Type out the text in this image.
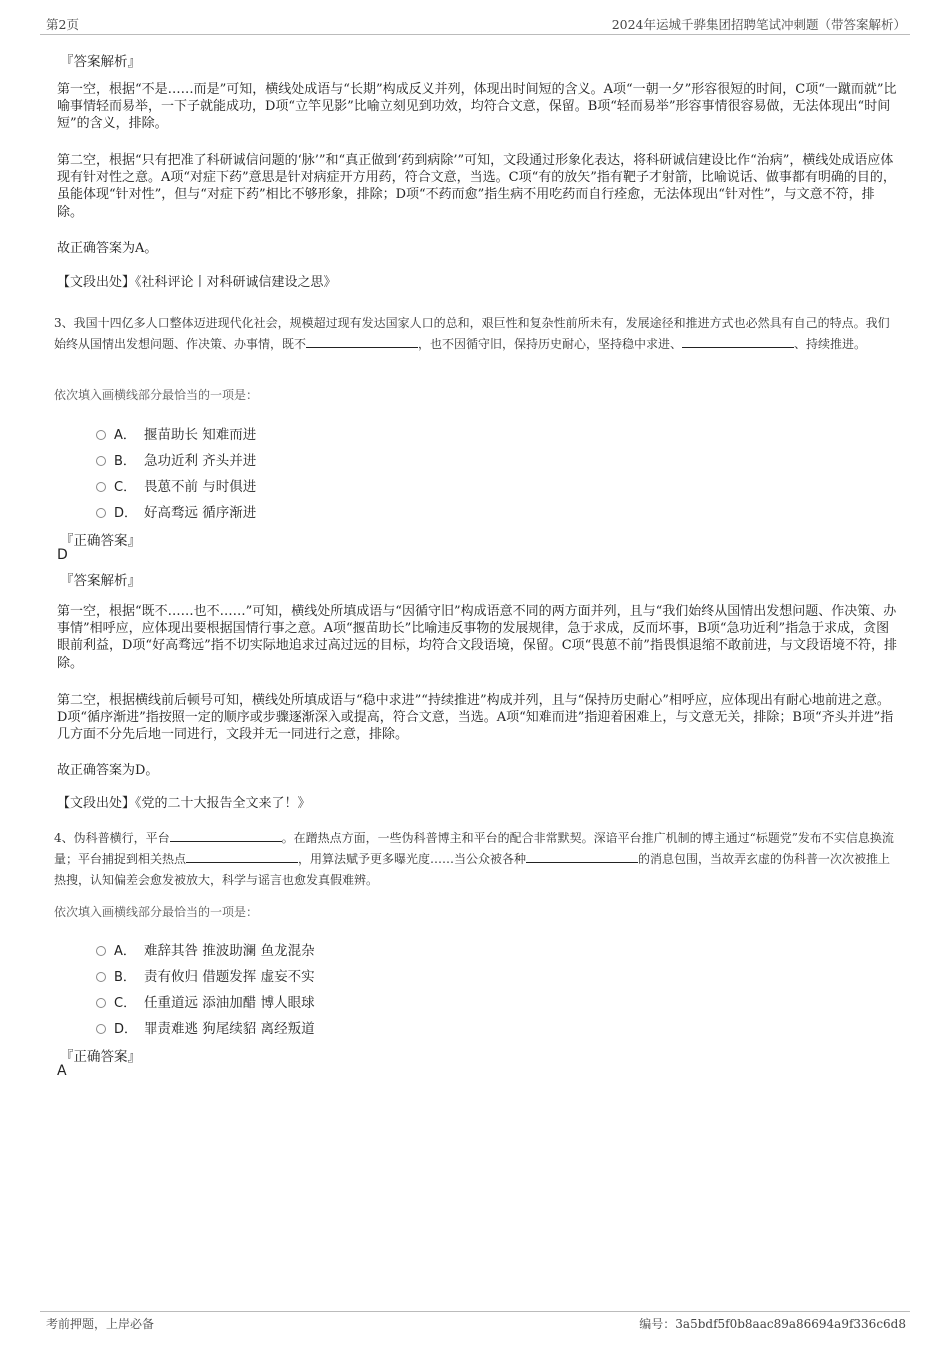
第2页	2024年运城千骅集团招聘笔试冲刺题（带答案解析）
『答案解析』
第一空，根据“不是……而是”可知，横线处成语与“长期”构成反义并列，体现出时间短的含义。A项“一朝一夕”形容很短的时间，C项“一蹴而就”比喻事情轻而易举，一下子就能成功，D项“立竿见影”比喻立刻见到功效，均符合文意，保留。B项“轻而易举”形容事情很容易做，无法体现出“时间短”的含义，排除。
第二空，根据“只有把准了科研诚信问题的‘脉’”和“真正做到‘药到病除’”可知，文段通过形象化表达，将科研诚信建设比作“治病”，横线处成语应体现有针对性之意。A项“对症下药”意思是针对病症开方用药，符合文意，当选。C项“有的放矢”指有靶子才射箭，比喻说话、做事都有明确的目的，虽能体现“针对性”，但与“对症下药”相比不够形象，排除；D项“不药而愈”指生病不用吃药而自行痊愈，无法体现出“针对性”，与文意不符，排除。
故正确答案为A。
【文段出处】《社科评论丨对科研诚信建设之思》
3、我国十四亿多人口整体迈进现代化社会，规模超过现有发达国家人口的总和，艰巨性和复杂性前所未有，发展途径和推进方式也必然具有自己的特点。我们始终从国情出发想问题、作决策、办事情，既不	，也不因循守旧，保持历史耐心，坚持稳中求进、	、持续推进。
依次填入画横线部分最恰当的一项是：
A． 揠苗助长 知难而进
B． 急功近利 齐头并进
C． 畏葸不前 与时俱进
D． 好高骛远 循序渐进
『正确答案』
D
『答案解析』
第一空，根据“既不……也不……”可知，横线处所填成语与“因循守旧”构成语意不同的两方面并列，且与“我们始终从国情出发想问题、作决策、办事情”相呼应，应体现出要根据国情行事之意。A项“揠苗助长”比喻违反事物的发展规律，急于求成，反而坏事，B项“急功近利”指急于求成，贪图眼前利益，D项“好高骛远”指不切实际地追求过高过远的目标，均符合文段语境，保留。C项“畏葸不前”指畏惧退缩不敢前进，与文段语境不符，排除。
第二空，根据横线前后顿号可知，横线处所填成语与“稳中求进”“持续推进”构成并列，且与“保持历史耐心”相呼应，应体现出有耐心地前进之意。D项“循序渐进”指按照一定的顺序或步骤逐渐深入或提高，符合文意，当选。A项“知难而进”指迎着困难上，与文意无关，排除；B项“齐头并进”指几方面不分先后地一同进行，文段并无一同进行之意，排除。
故正确答案为D。
【文段出处】《党的二十大报告全文来了！》
4、伪科普横行，平台	。在蹭热点方面，一些伪科普博主和平台的配合非常默契。深谙平台推广机制的博主通过“标题党”发布不实信息换流量；平台捕捉到相关热点	，用算法赋予更多曝光度……当公众被各种	的消息包围，当故弄玄虚的伪科普一次次被推上热搜，认知偏差会愈发被放大，科学与谣言也愈发真假难辨。
依次填入画横线部分最恰当的一项是：
A． 难辞其咎 推波助澜 鱼龙混杂
B． 责有攸归 借题发挥 虚妄不实
C． 任重道远 添油加醋 博人眼球
D． 罪责难逃 狗尾续貂 离经叛道
『正确答案』
A
考前押题，上岸必备	编号：3a5bdf5f0b8aac89a86694a9f336c6d8
